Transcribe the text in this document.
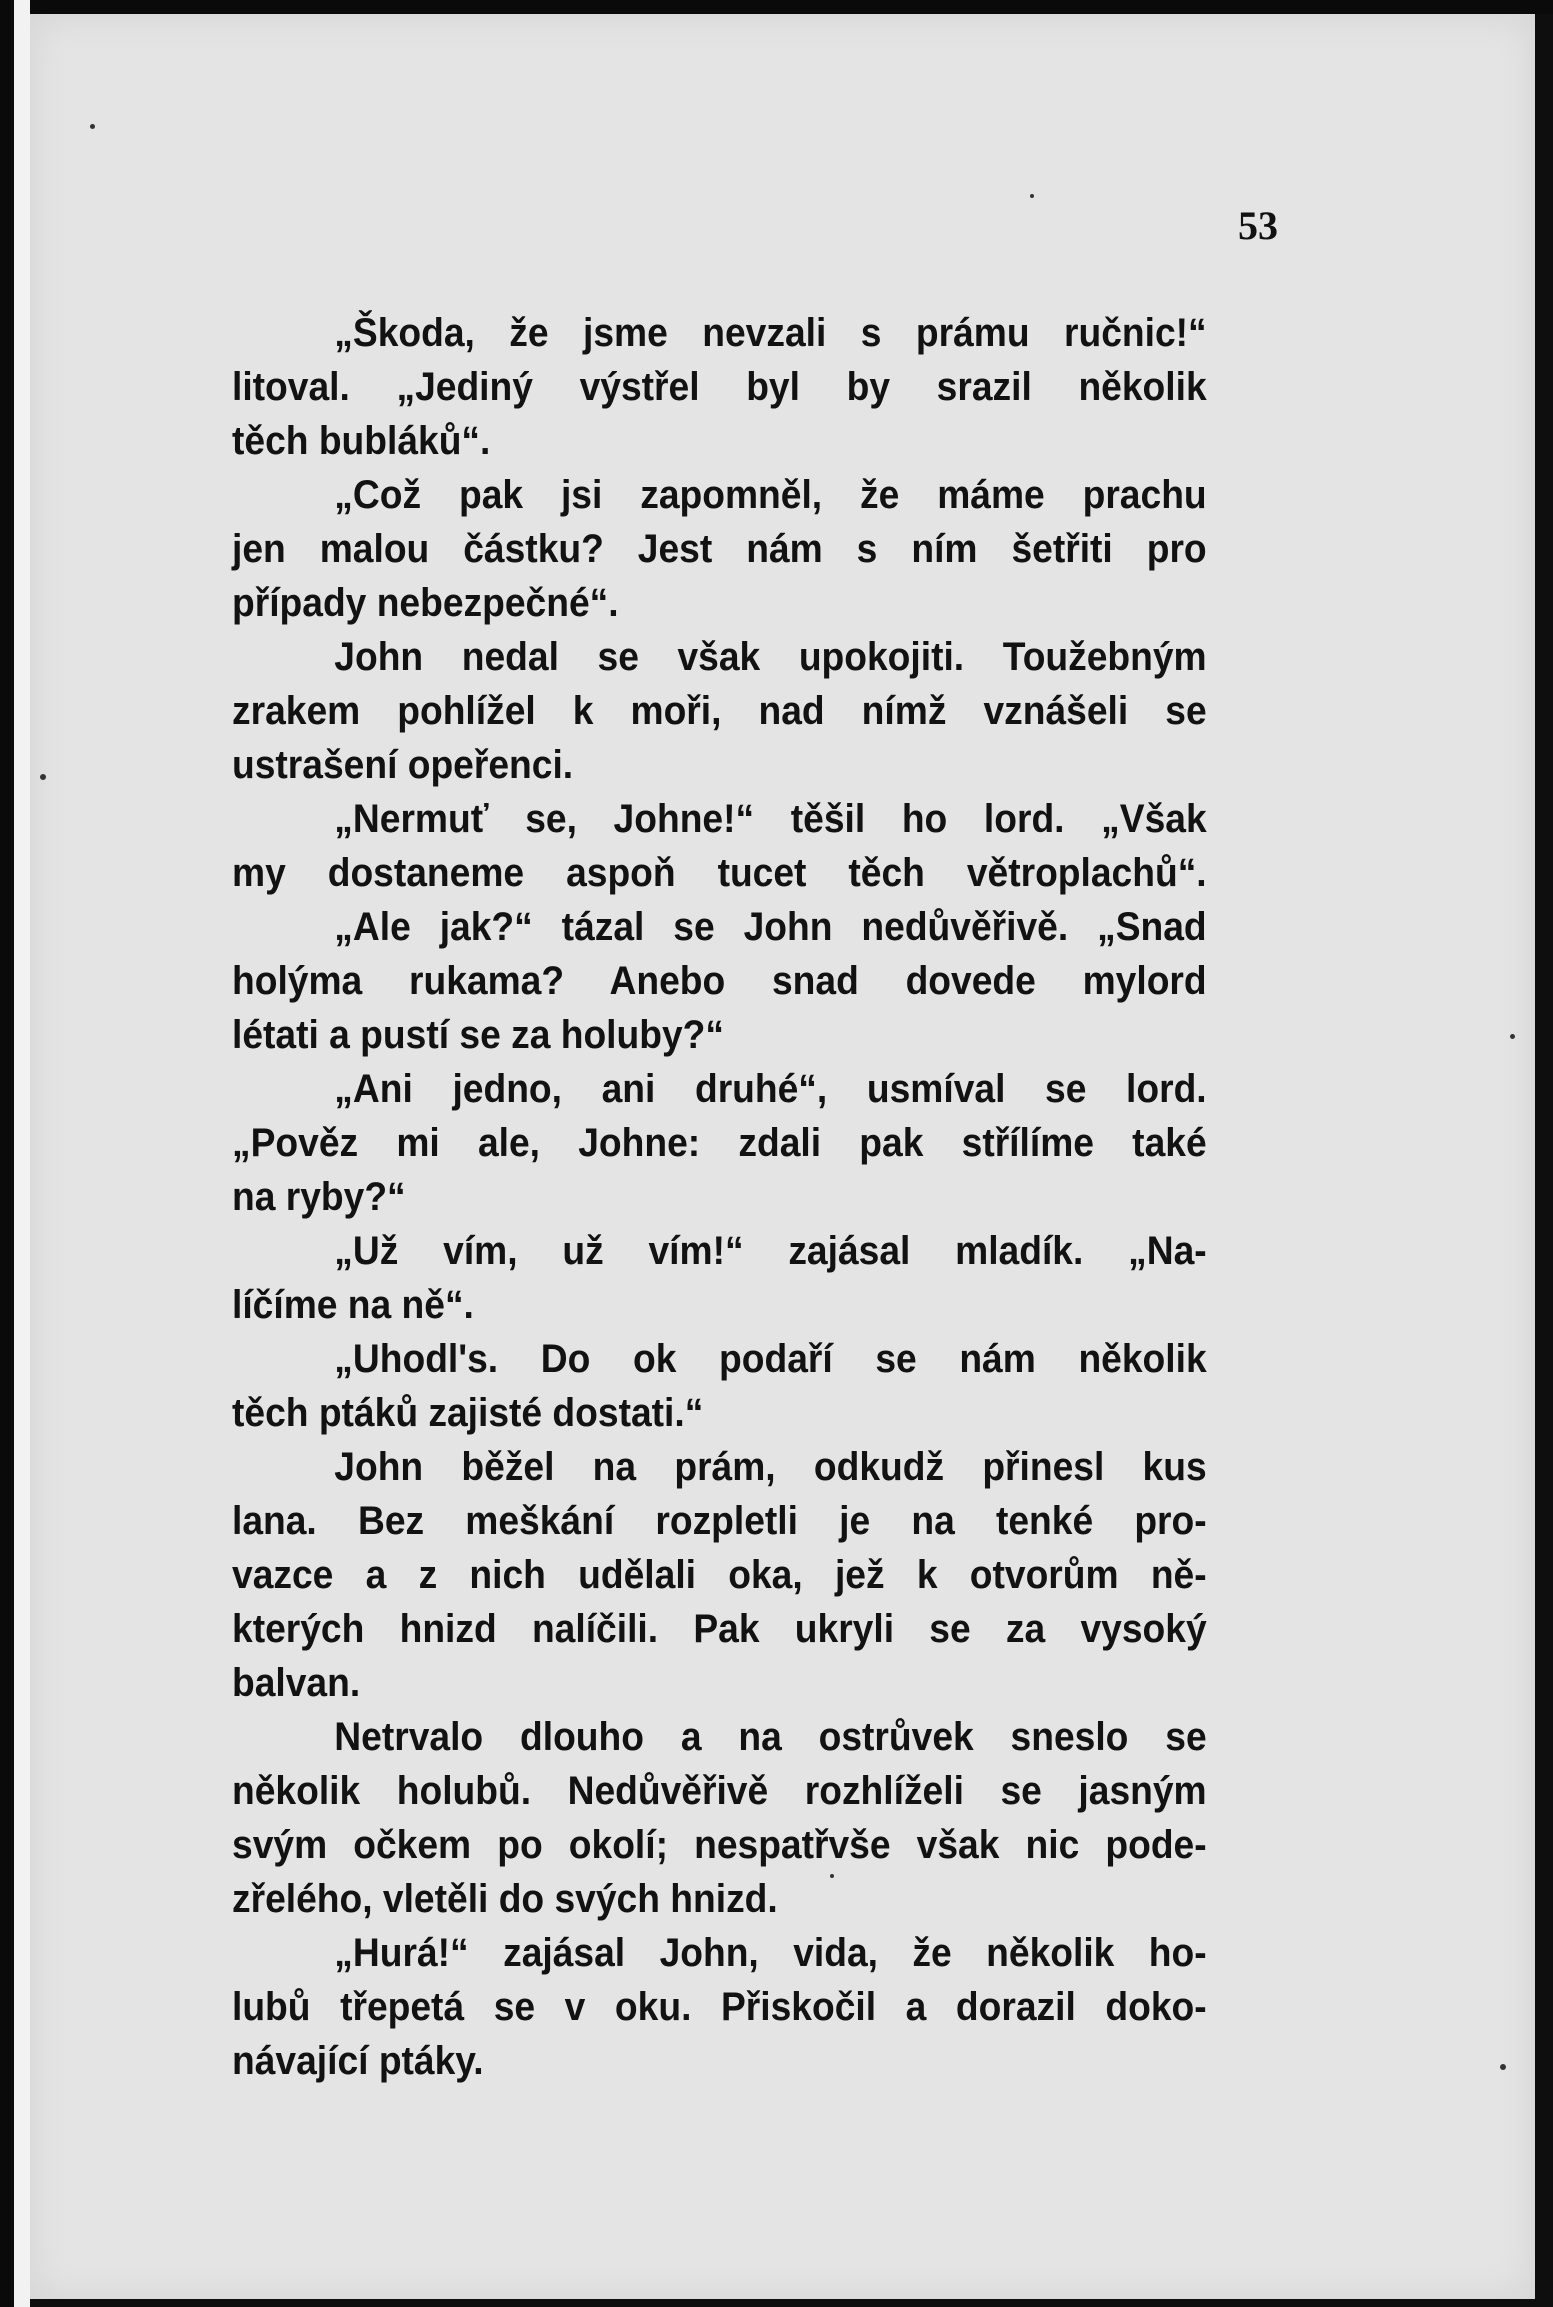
53
„Škoda, že jsme nevzali s prámu ručnic!“
litoval. „Jediný výstřel byl by srazil několik
těch bubláků“.
„Což pak jsi zapomněl, že máme prachu
jen malou částku? Jest nám s ním šetřiti pro
případy nebezpečné“.
John nedal se však upokojiti. Toužebným
zrakem pohlížel k moři, nad nímž vznášeli se
ustrašení opeřenci.
„Nermuť se, Johne!“ těšil ho lord. „Však
my dostaneme aspoň tucet těch větroplachů“.
„Ale jak?“ tázal se John nedůvěřivě. „Snad
holýma rukama? Anebo snad dovede mylord
létati a pustí se za holuby?“
„Ani jedno, ani druhé“, usmíval se lord.
„Pověz mi ale, Johne: zdali pak střílíme také
na ryby?“
„Už vím, už vím!“ zajásal mladík. „Na-
líčíme na ně“.
„Uhodl's. Do ok podaří se nám několik
těch ptáků zajisté dostati.“
John běžel na prám, odkudž přinesl kus
lana. Bez meškání rozpletli je na tenké pro-
vazce a z nich udělali oka, jež k otvorům ně-
kterých hnizd nalíčili. Pak ukryli se za vysoký
balvan.
Netrvalo dlouho a na ostrůvek sneslo se
několik holubů. Nedůvěřivě rozhlíželi se jasným
svým očkem po okolí; nespatřvše však nic pode-
zřelého, vletěli do svých hnizd.
„Hurá!“ zajásal John, vida, že několik ho-
lubů třepetá se v oku. Přiskočil a dorazil doko-
návající ptáky.
